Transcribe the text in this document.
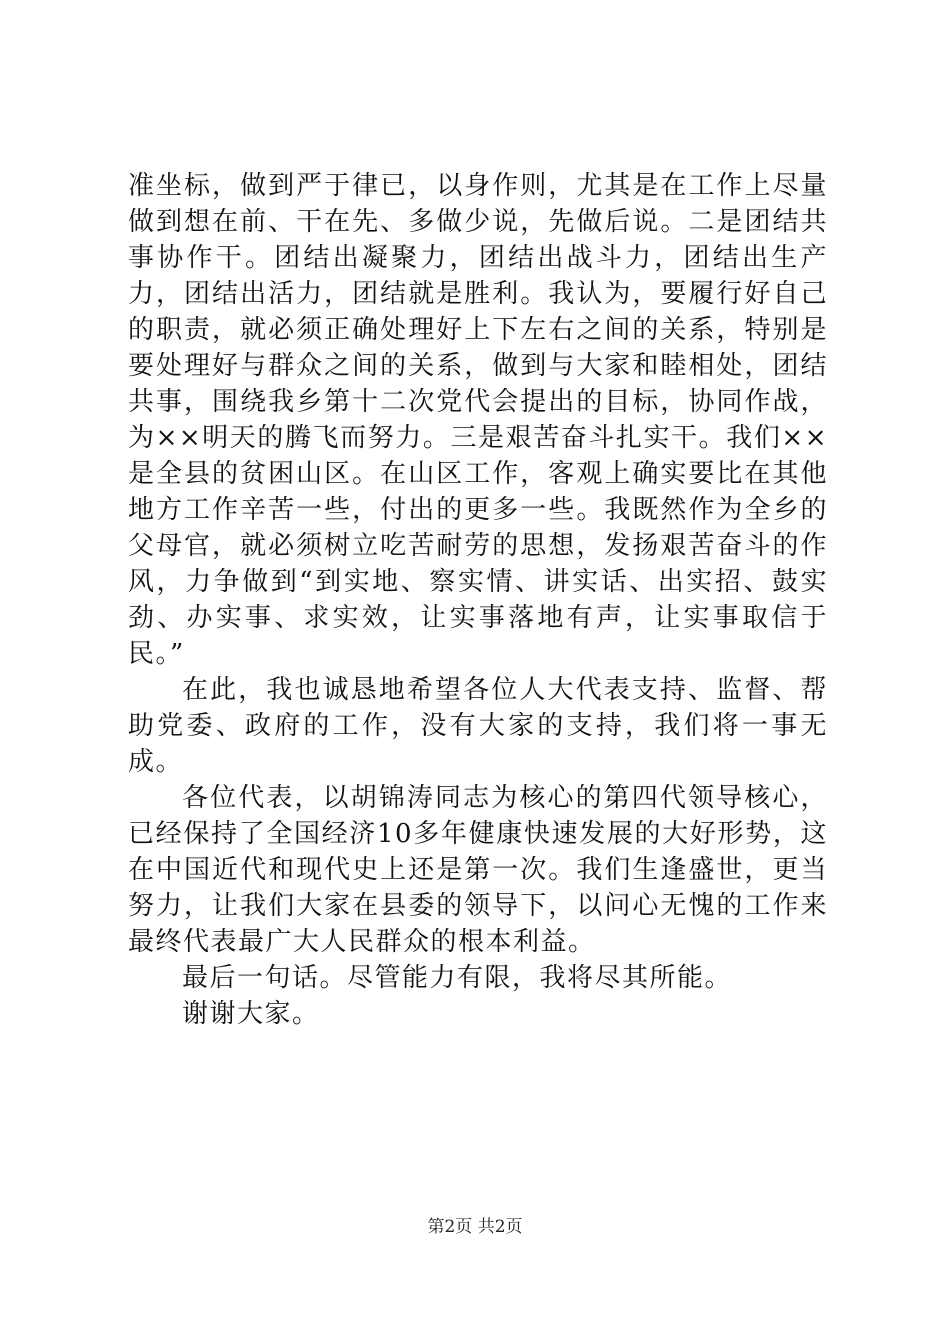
准坐标，做到严于律已，以身作则，尤其是在工作上尽量做到想在前、干在先、多做少说，先做后说。二是团结共事协作干。团结出凝聚力，团结出战斗力，团结出生产力，团结出活力，团结就是胜利。我认为，要履行好自己的职责，就必须正确处理好上下左右之间的关系，特别是要处理好与群众之间的关系，做到与大家和睦相处，团结共事，围绕我乡第十二次党代会提出的目标，协同作战，为××明天的腾飞而努力。三是艰苦奋斗扎实干。我们××是全县的贫困山区。在山区工作，客观上确实要比在其他地方工作辛苦一些，付出的更多一些。我既然作为全乡的父母官，就必须树立吃苦耐劳的思想，发扬艰苦奋斗的作风，力争做到“到实地、察实情、讲实话、出实招、鼓实劲、办实事、求实效，让实事落地有声，让实事取信于民。”

在此，我也诚恳地希望各位人大代表支持、监督、帮助党委、政府的工作，没有大家的支持，我们将一事无成。

各位代表，以胡锦涛同志为核心的第四代领导核心，已经保持了全国经济10多年健康快速发展的大好形势，这在中国近代和现代史上还是第一次。我们生逢盛世，更当努力，让我们大家在县委的领导下，以问心无愧的工作来最终代表最广大人民群众的根本利益。

最后一句话。尽管能力有限，我将尽其所能。

谢谢大家。

第2页 共2页
